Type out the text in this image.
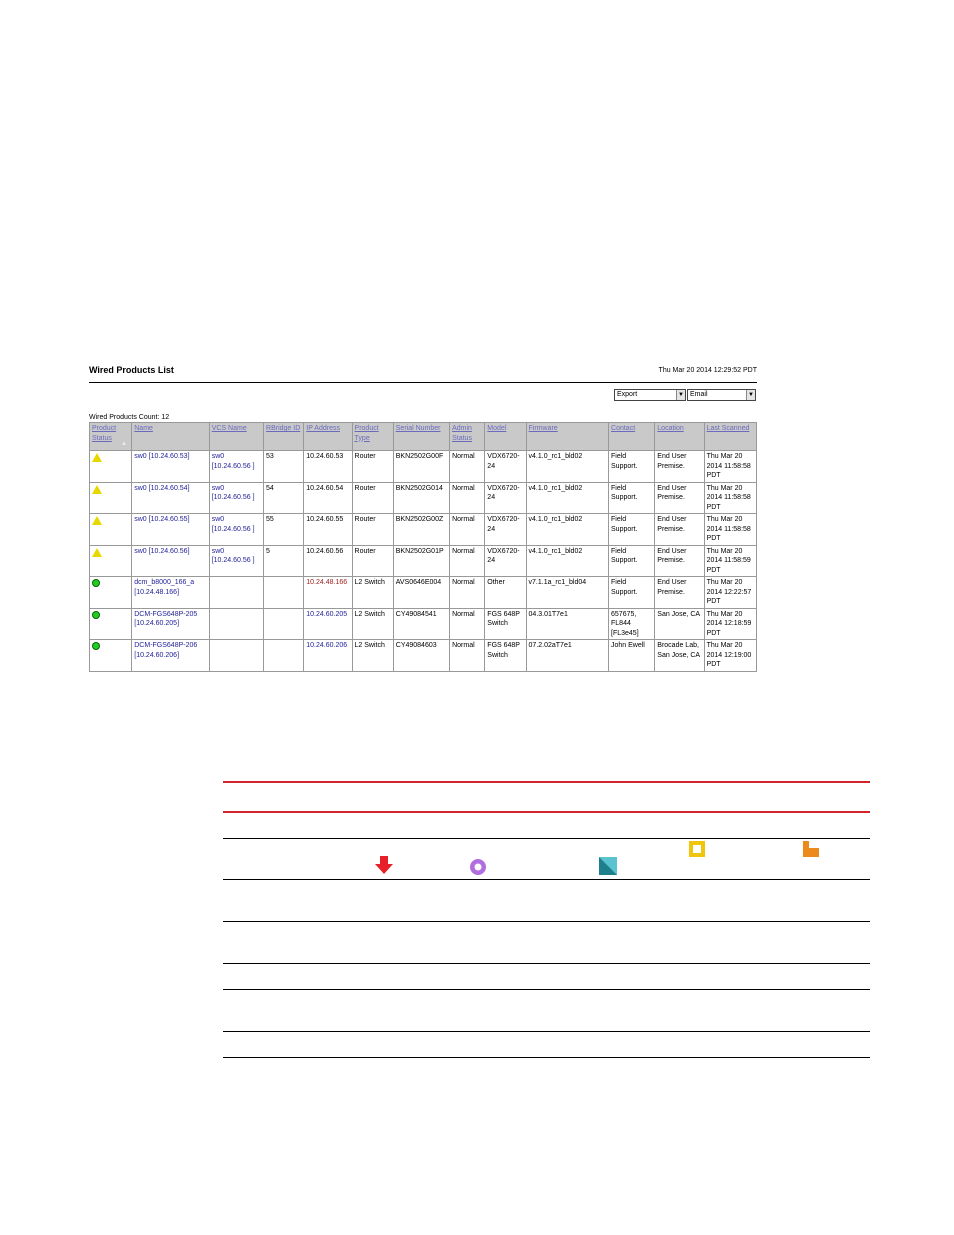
Wired Products List	Thu Mar 20 2014 12:29:52 PDT
Export	▼ Email	▼
Wired Products Count: 12
Product Status
▲	Name	VCS Name	RBridge ID	IP Address	Product Type	Serial Number	Admin Status	Model	Firmware	Contact	Location	Last Scanned
	sw0 [10.24.60.53]	sw0 [10.24.60.56 ]	53	10.24.60.53	Router	BKN2502G00F	Normal	VDX6720-24	v4.1.0_rc1_bld02	Field Support.	End User Premise.	Thu Mar 20 2014 11:58:58 PDT
	sw0 [10.24.60.54]	sw0 [10.24.60.56 ]	54	10.24.60.54	Router	BKN2502G014	Normal	VDX6720-24	v4.1.0_rc1_bld02	Field Support.	End User Premise.	Thu Mar 20 2014 11:58:58 PDT
	sw0 [10.24.60.55]	sw0 [10.24.60.56 ]	55	10.24.60.55	Router	BKN2502G00Z	Normal	VDX6720-24	v4.1.0_rc1_bld02	Field Support.	End User Premise.	Thu Mar 20 2014 11:58:58 PDT
	sw0 [10.24.60.56]	sw0 [10.24.60.56 ]	5	10.24.60.56	Router	BKN2502G01P	Normal	VDX6720-24	v4.1.0_rc1_bld02	Field Support.	End User Premise.	Thu Mar 20 2014 11:58:59 PDT
	dcm_b8000_166_a [10.24.48.166]			10.24.48.166	L2 Switch	AVS0646E004	Normal	Other	v7.1.1a_rc1_bld04	Field Support.	End User Premise.	Thu Mar 20 2014 12:22:57 PDT
	DCM-FGS648P-205 [10.24.60.205]			10.24.60.205	L2 Switch	CY49084541	Normal	FGS 648P Switch	04.3.01T7e1	657675, FL844 [FL3e45]	San Jose, CA	Thu Mar 20 2014 12:18:59 PDT
	DCM-FGS648P-206 [10.24.60.206]			10.24.60.206	L2 Switch	CY49084603	Normal	FGS 648P Switch	07.2.02aT7e1	John Ewell	Brocade Lab, San Jose, CA	Thu Mar 20 2014 12:19:00 PDT
